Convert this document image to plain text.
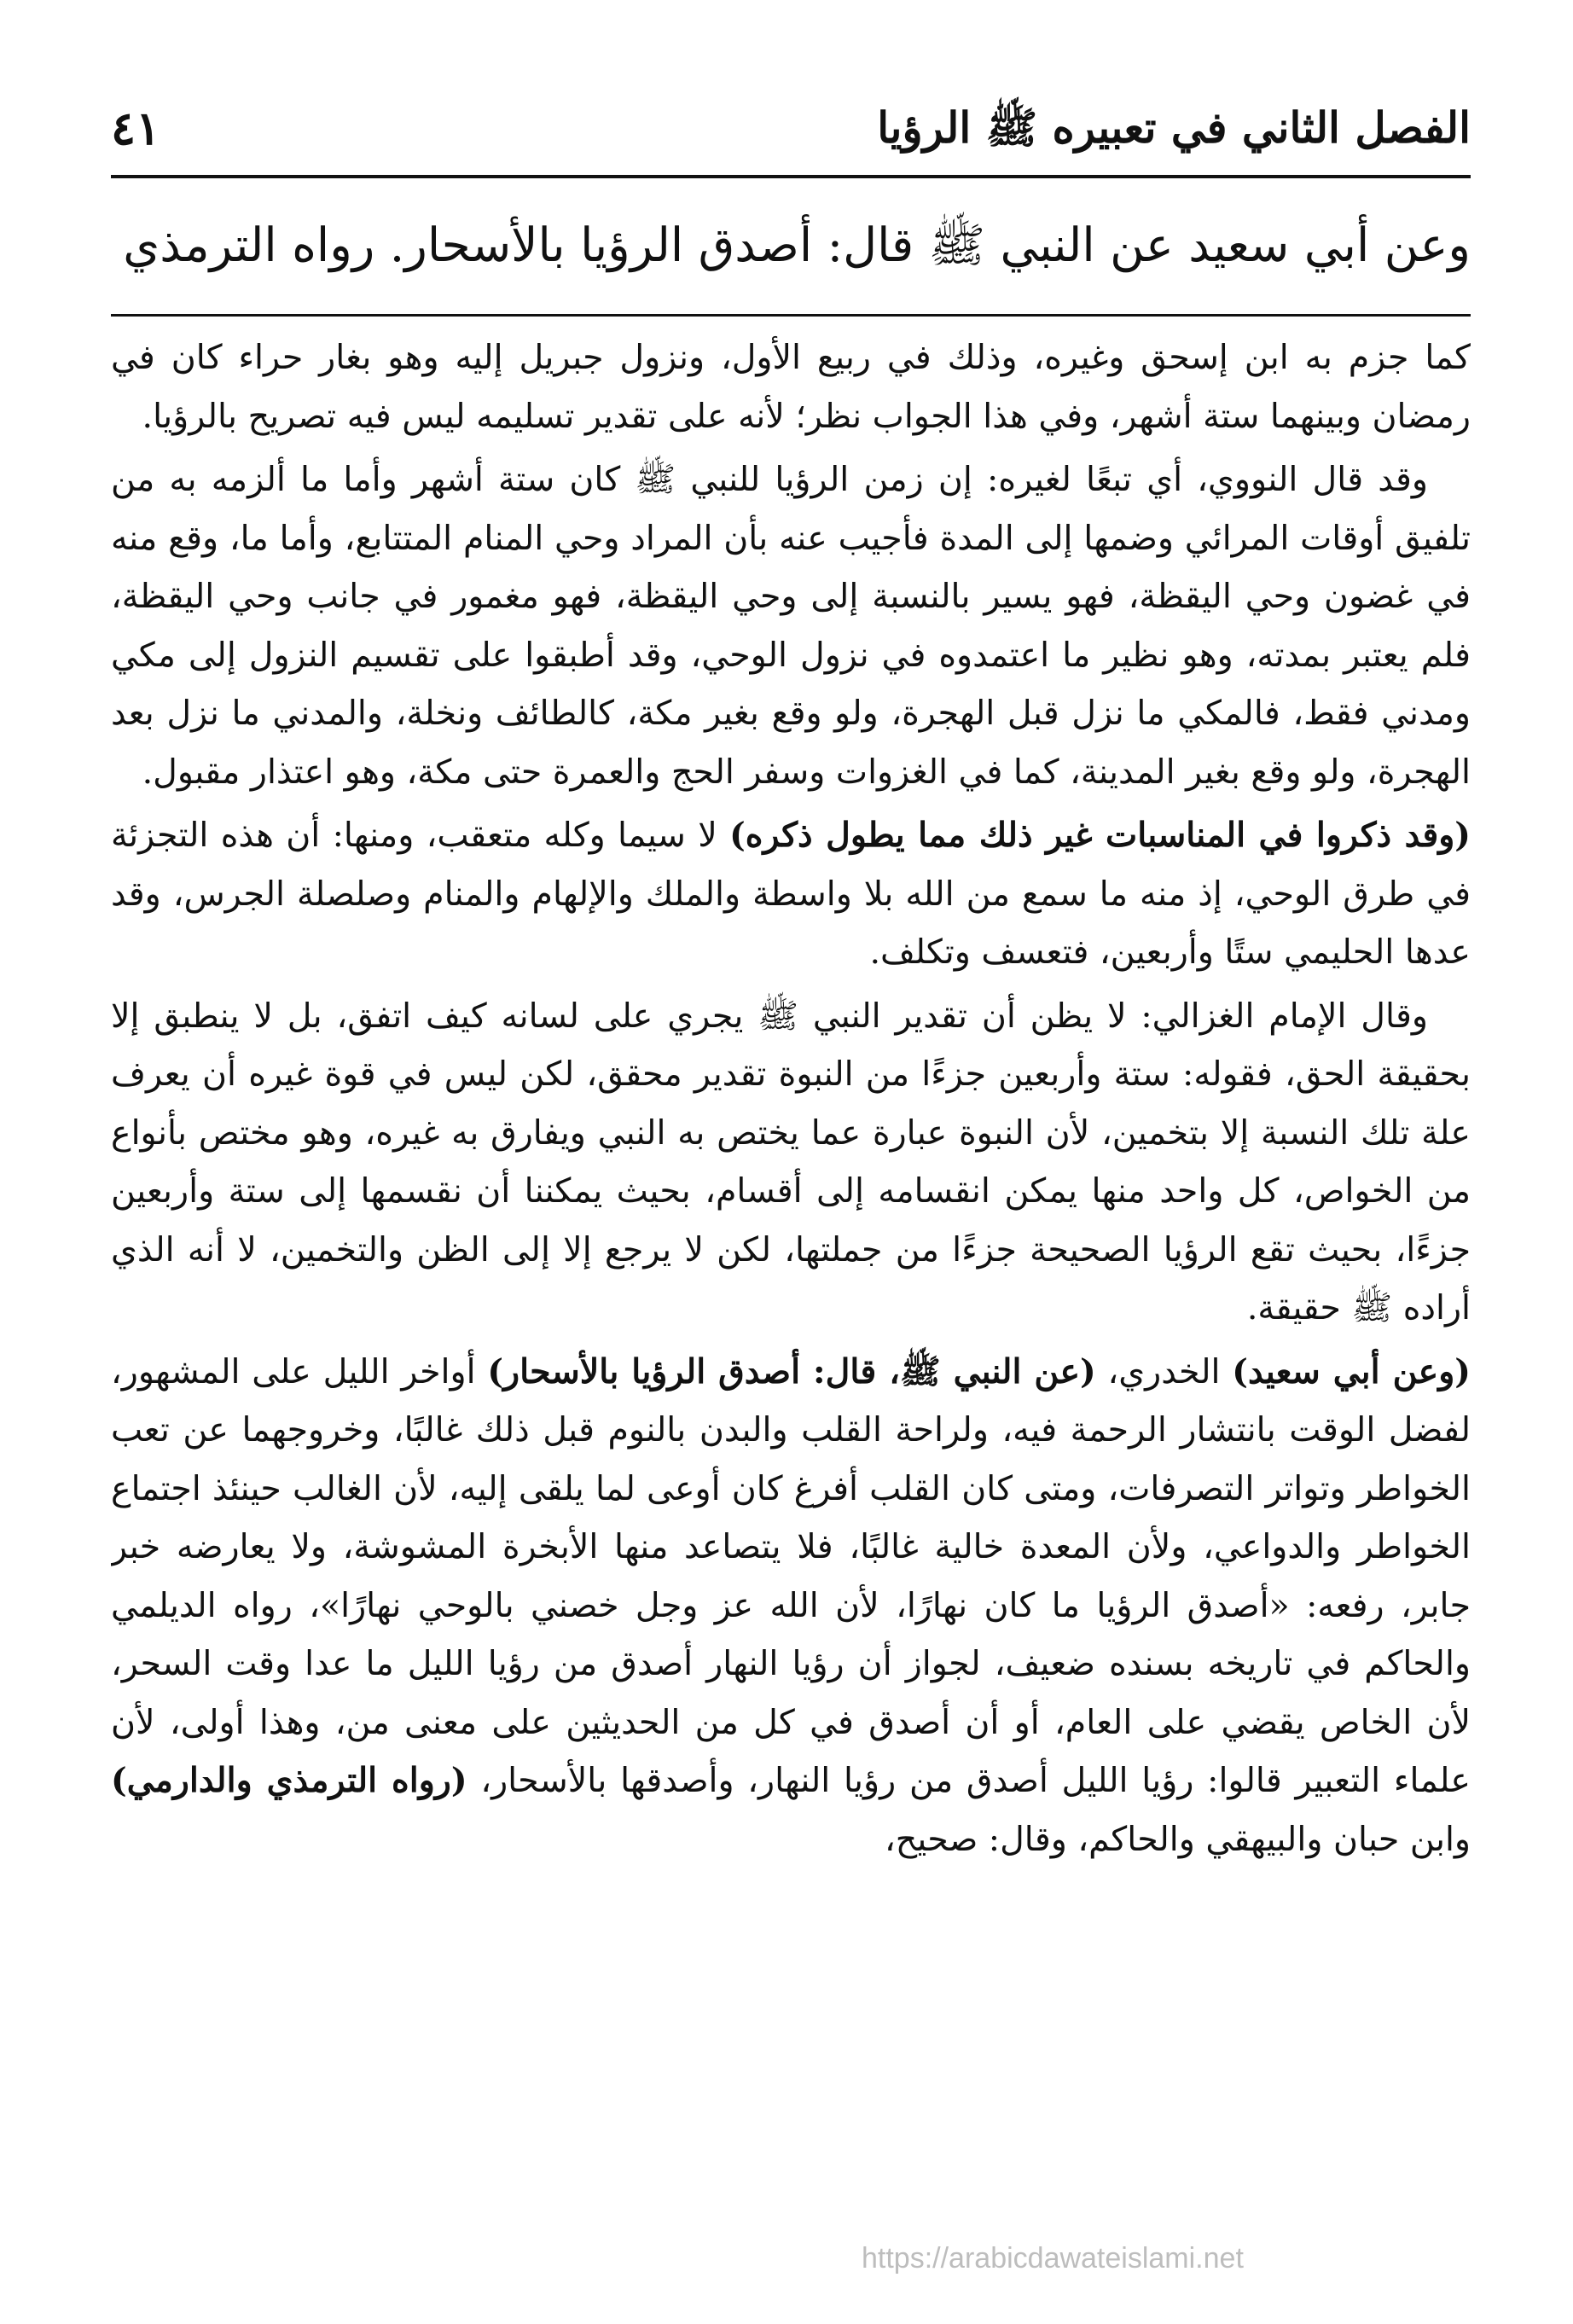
الفصل الثاني في تعبيره ﷺ الرؤيا
٤١
وعن أبي سعيد عن النبي ﷺ قال: أصدق الرؤيا بالأسحار. رواه الترمذي

كما جزم به ابن إسحق وغيره، وذلك في ربيع الأول، ونزول جبريل إليه وهو بغار حراء كان في رمضان وبينهما ستة أشهر، وفي هذا الجواب نظر؛ لأنه على تقدير تسليمه ليس فيه تصريح بالرؤيا.

وقد قال النووي، أي تبعًا لغيره: إن زمن الرؤيا للنبي ﷺ كان ستة أشهر وأما ما ألزمه به من تلفيق أوقات المرائي وضمها إلى المدة فأجيب عنه بأن المراد وحي المنام المتتابع، وأما ما، وقع منه في غضون وحي اليقظة، فهو يسير بالنسبة إلى وحي اليقظة، فهو مغمور في جانب وحي اليقظة، فلم يعتبر بمدته، وهو نظير ما اعتمدوه في نزول الوحي، وقد أطبقوا على تقسيم النزول إلى مكي ومدني فقط، فالمكي ما نزل قبل الهجرة، ولو وقع بغير مكة، كالطائف ونخلة، والمدني ما نزل بعد الهجرة، ولو وقع بغير المدينة، كما في الغزوات وسفر الحج والعمرة حتى مكة، وهو اعتذار مقبول.

(وقد ذكروا في المناسبات غير ذلك مما يطول ذكره) لا سيما وكله متعقب، ومنها: أن هذه التجزئة في طرق الوحي، إذ منه ما سمع من الله بلا واسطة والملك والإلهام والمنام وصلصلة الجرس، وقد عدها الحليمي ستًا وأربعين، فتعسف وتكلف.

وقال الإمام الغزالي: لا يظن أن تقدير النبي ﷺ يجري على لسانه كيف اتفق، بل لا ينطبق إلا بحقيقة الحق، فقوله: ستة وأربعين جزءًا من النبوة تقدير محقق، لكن ليس في قوة غيره أن يعرف علة تلك النسبة إلا بتخمين، لأن النبوة عبارة عما يختص به النبي ويفارق به غيره، وهو مختص بأنواع من الخواص، كل واحد منها يمكن انقسامه إلى أقسام، بحيث يمكننا أن نقسمها إلى ستة وأربعين جزءًا، بحيث تقع الرؤيا الصحيحة جزءًا من جملتها، لكن لا يرجع إلا إلى الظن والتخمين، لا أنه الذي أراده ﷺ حقيقة.

(وعن أبي سعيد) الخدري، (عن النبي ﷺ، قال: أصدق الرؤيا بالأسحار) أواخر الليل على المشهور، لفضل الوقت بانتشار الرحمة فيه، ولراحة القلب والبدن بالنوم قبل ذلك غالبًا، وخروجهما عن تعب الخواطر وتواتر التصرفات، ومتى كان القلب أفرغ كان أوعى لما يلقى إليه، لأن الغالب حينئذ اجتماع الخواطر والدواعي، ولأن المعدة خالية غالبًا، فلا يتصاعد منها الأبخرة المشوشة، ولا يعارضه خبر جابر، رفعه: «أصدق الرؤيا ما كان نهارًا، لأن الله عز وجل خصني بالوحي نهارًا»، رواه الديلمي والحاكم في تاريخه بسنده ضعيف، لجواز أن رؤيا النهار أصدق من رؤيا الليل ما عدا وقت السحر، لأن الخاص يقضي على العام، أو أن أصدق في كل من الحديثين على معنى من، وهذا أولى، لأن علماء التعبير قالوا: رؤيا الليل أصدق من رؤيا النهار، وأصدقها بالأسحار، (رواه الترمذي والدارمي) وابن حبان والبيهقي والحاكم، وقال: صحيح،

https://arabicdawateislami.net
